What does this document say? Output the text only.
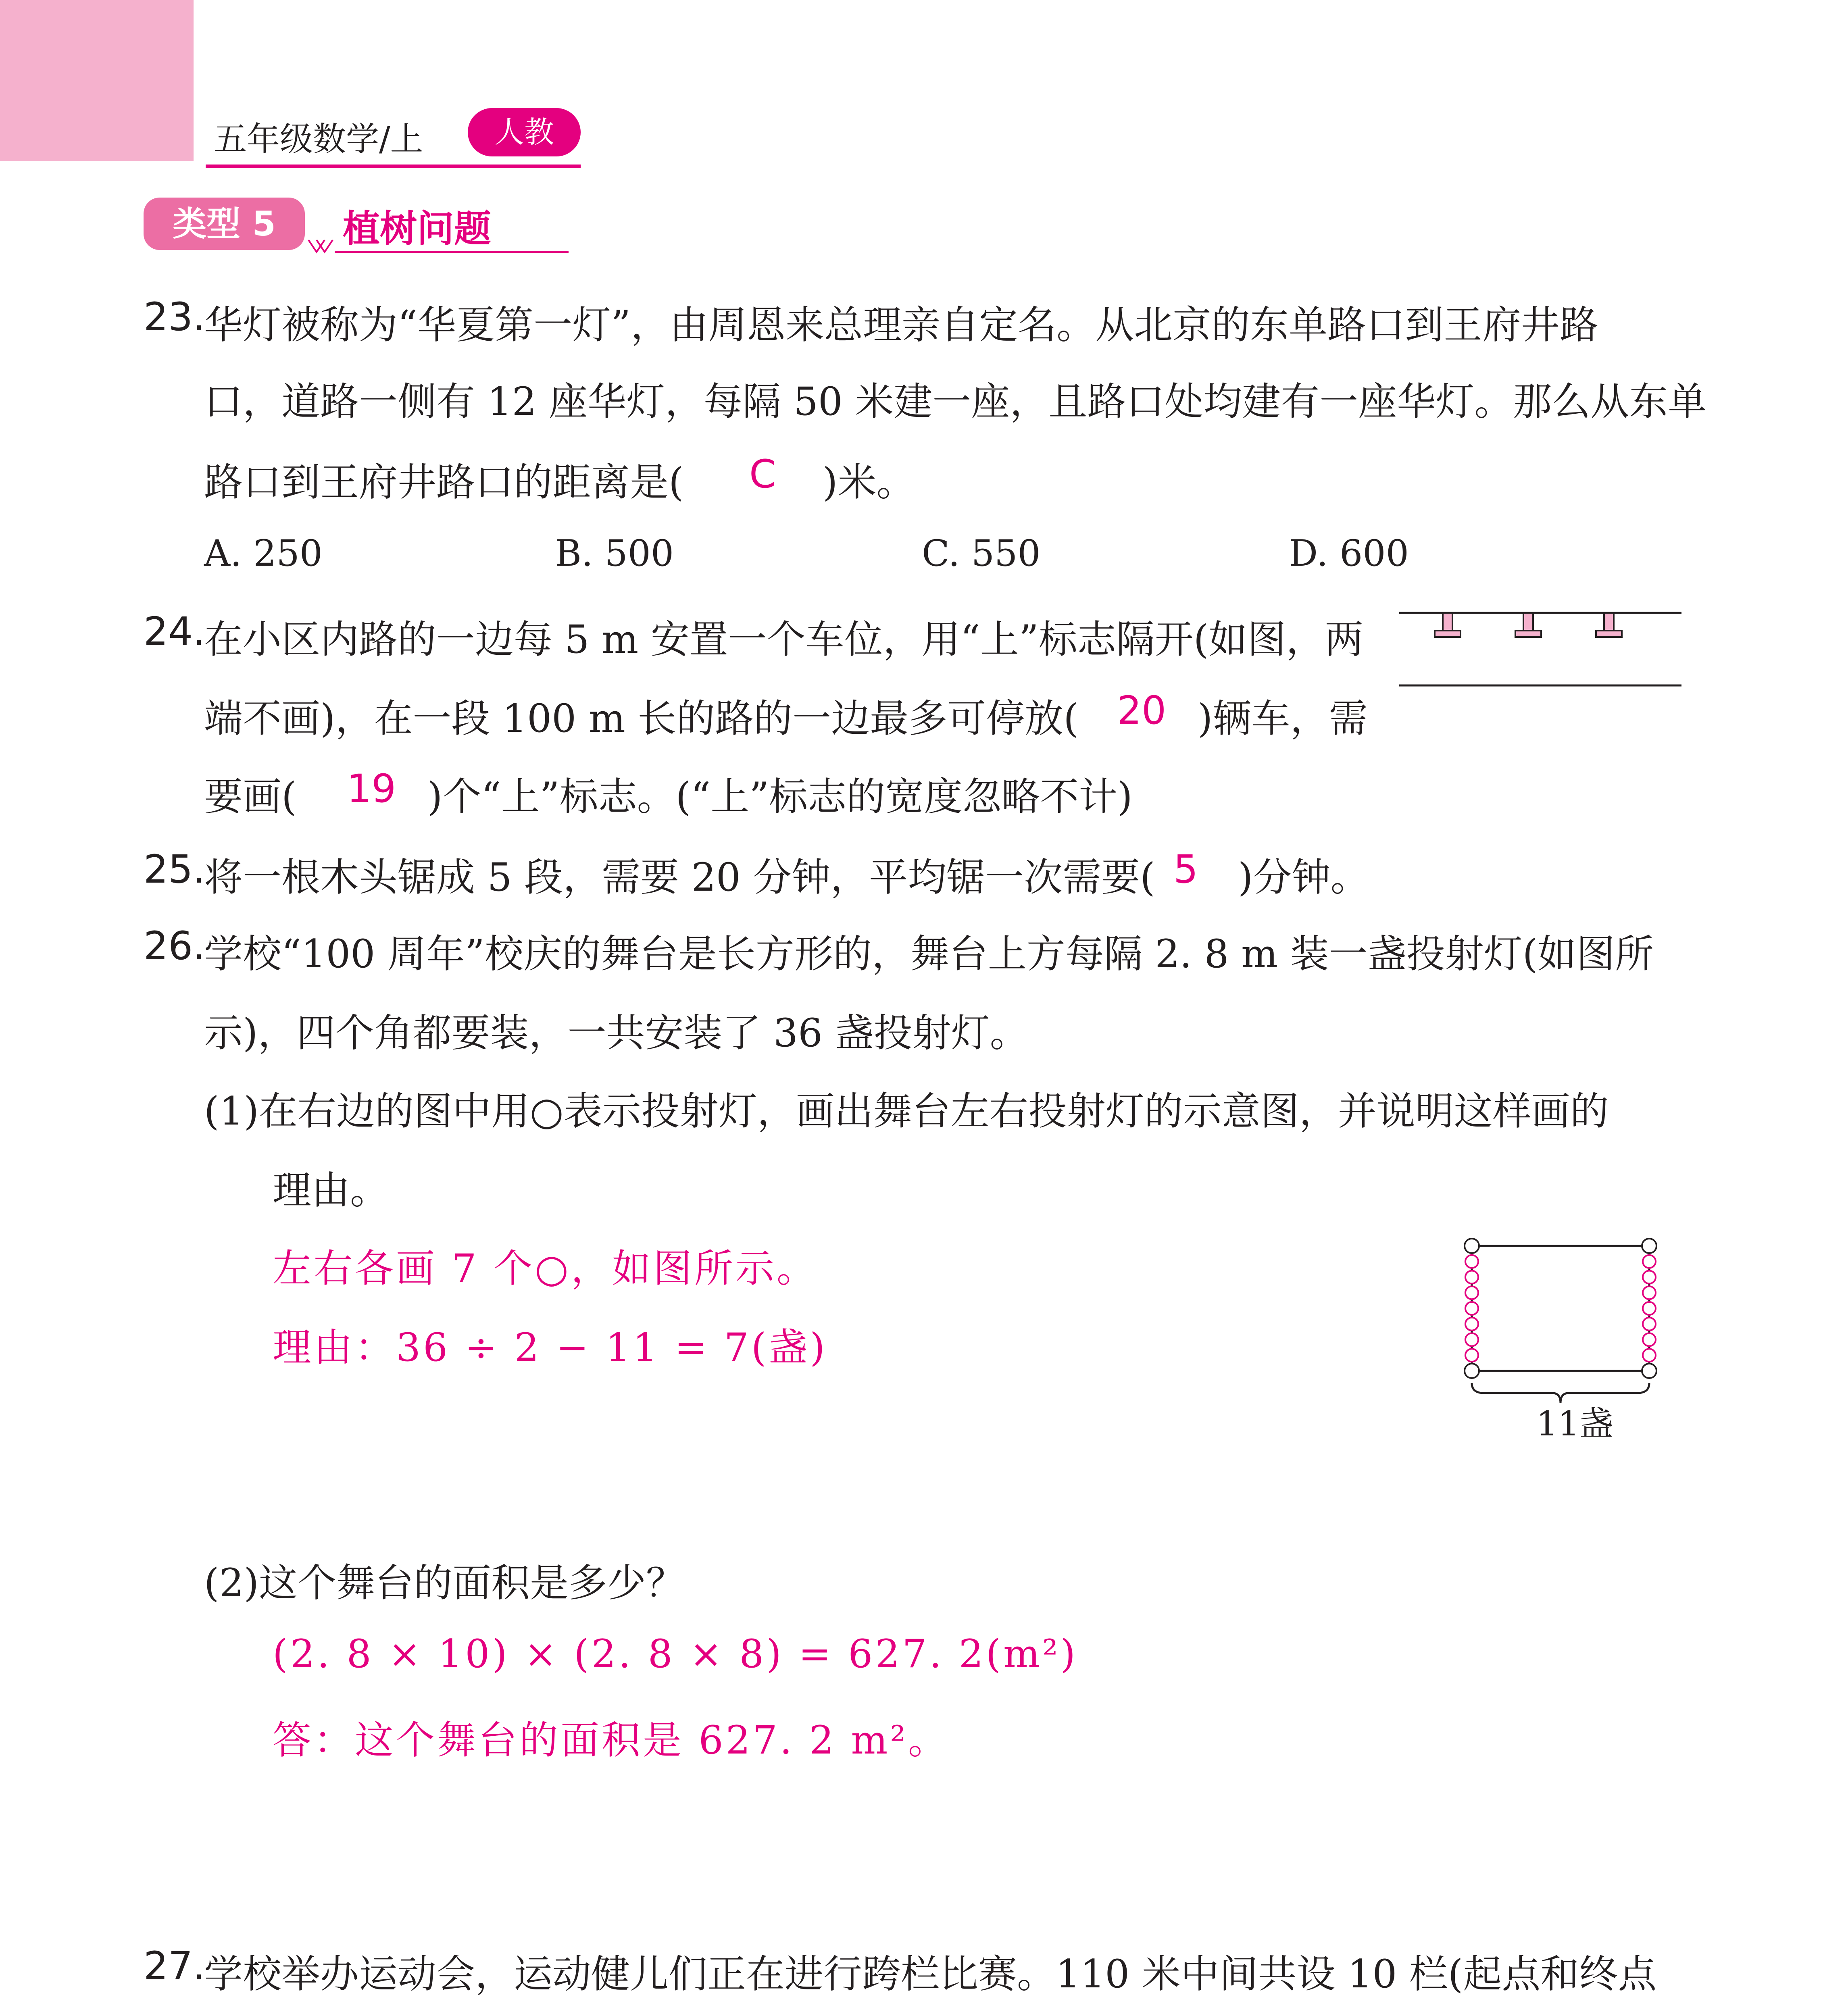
五年级数学/上	人教
类型 5	植树问题
23.
华灯被称为“华夏第一灯”，由周恩来总理亲自定名。从北京的东单路口到王府井路
口，道路一侧有 12 座华灯，每隔 50 米建一座，且路口处均建有一座华灯。那么从东单
路口到王府井路口的距离是( C )米。
A. 250	B. 500	C. 550	D. 600
24.
在小区内路的一边每 5 m 安置一个车位，用“上”标志隔开(如图，两
端不画)，在一段 100 m 长的路的一边最多可停放( 20 )辆车，需
要画( 19 )个“上”标志。(“上”标志的宽度忽略不计)
25.
将一根木头锯成 5 段，需要 20 分钟，平均锯一次需要( 5 )分钟。
26.
学校“100 周年”校庆的舞台是长方形的，舞台上方每隔 2. 8 m 装一盏投射灯(如图所
示)，四个角都要装，一共安装了 36 盏投射灯。
(1)在右边的图中用○表示投射灯，画出舞台左右投射灯的示意图，并说明这样画的
理由。
左右各画 7 个○，如图所示。
理由：36 ÷ 2 − 11 = 7(盏)
11盏
(2)这个舞台的面积是多少？
(2. 8 × 10) × (2. 8 × 8) = 627. 2(m²)
答：这个舞台的面积是 627. 2 m²。
27.
学校举办运动会，运动健儿们正在进行跨栏比赛。110 米中间共设 10 栏(起点和终点
